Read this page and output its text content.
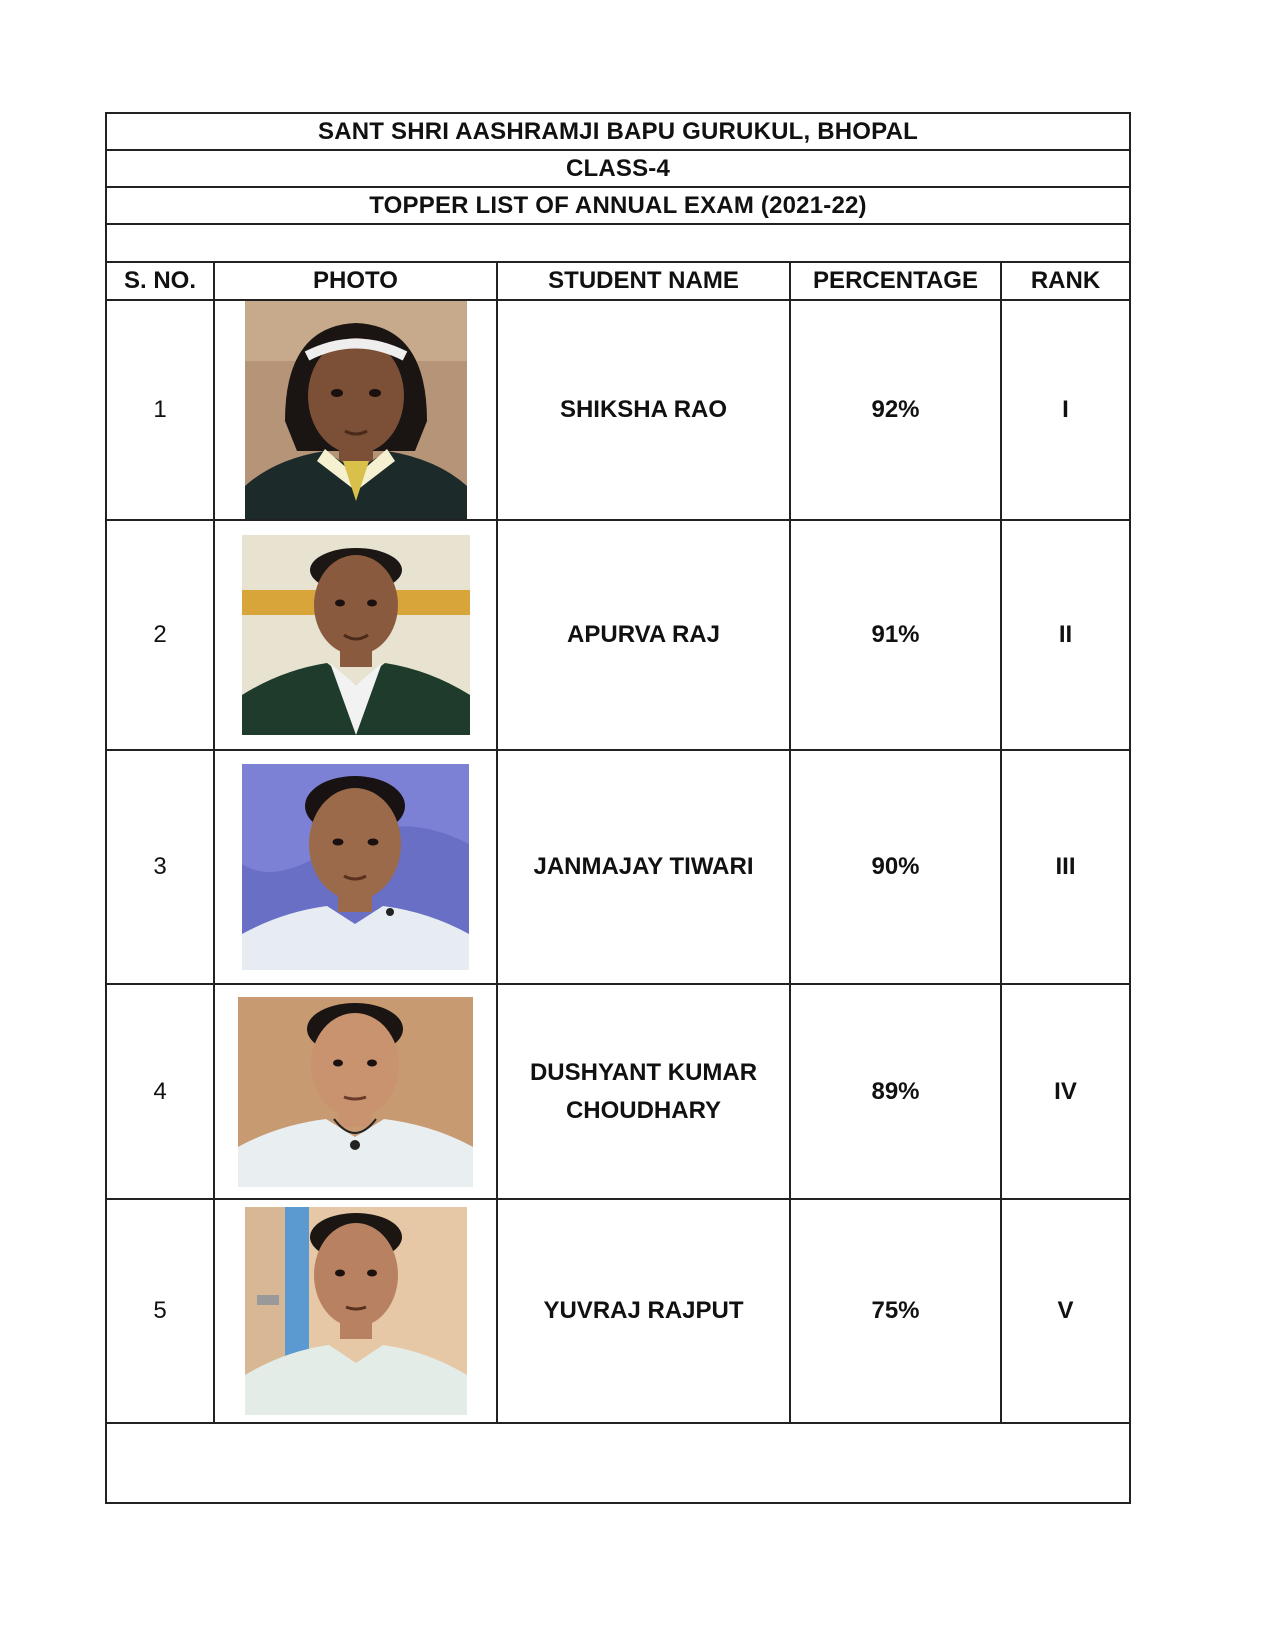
SANT SHRI AASHRAMJI BAPU GURUKUL, BHOPAL
CLASS-4
TOPPER LIST OF ANNUAL EXAM (2021-22)
S. NO.	PHOTO	STUDENT NAME	PERCENTAGE	RANK
1		SHIKSHA RAO	92%	I
2		APURVA RAJ	91%	II
3		JANMAJAY TIWARI	90%	III
4		DUSHYANT KUMAR CHOUDHARY	89%	IV
5		YUVRAJ RAJPUT	75%	V
